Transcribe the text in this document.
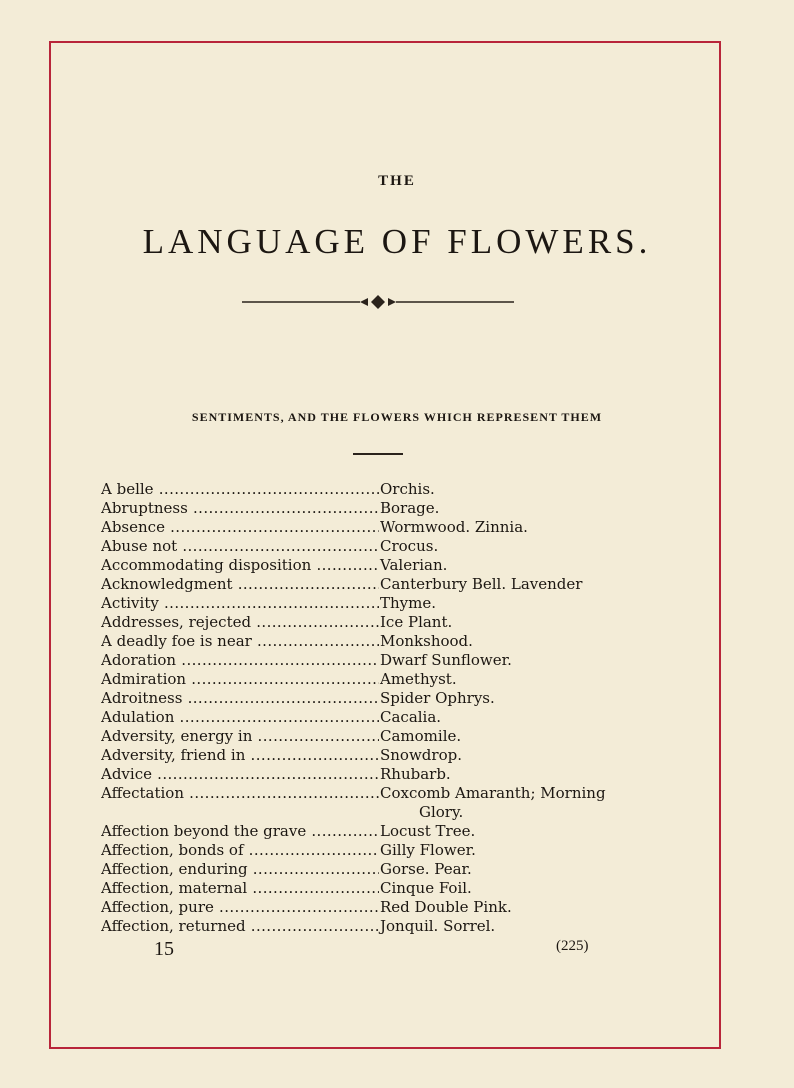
THE
LANGUAGE OF FLOWERS.
SENTIMENTS, AND THE FLOWERS WHICH REPRESENT THEM
A belle .....	Orchis.
Abruptness .....	Borage.
Absence .....	Wormwood. Zinnia.
Abuse not .....	Crocus.
Accommodating disposition .....	Valerian.
Acknowledgment .....	Canterbury Bell. Lavender
Activity .....	Thyme.
Addresses, rejected .....	Ice Plant.
A deadly foe is near .....	Monkshood.
Adoration .....	Dwarf Sunflower.
Admiration .....	Amethyst.
Adroitness .....	Spider Ophrys.
Adulation .....	Cacalia.
Adversity, energy in .....	Camomile.
Adversity, friend in .....	Snowdrop.
Advice .....	Rhubarb.
Affectation .....	Coxcomb Amaranth; Morning
Glory.
Affection beyond the grave .....	Locust Tree.
Affection, bonds of .....	Gilly Flower.
Affection, enduring .....	Gorse. Pear.
Affection, maternal .....	Cinque Foil.
Affection, pure .....	Red Double Pink.
Affection, returned .....	Jonquil. Sorrel.
15	(225)
